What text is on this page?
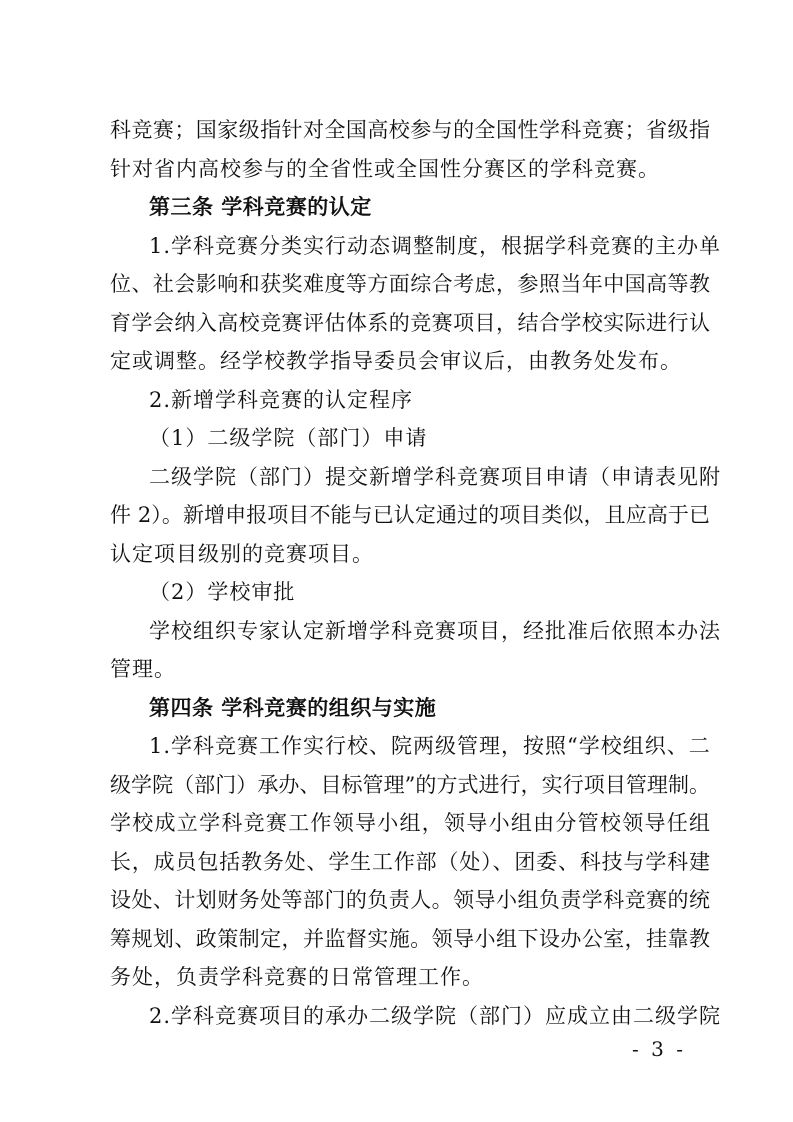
科竞赛；国家级指针对全国高校参与的全国性学科竞赛；省级指
针对省内高校参与的全省性或全国性分赛区的学科竞赛。
第三条 学科竞赛的认定
1.学科竞赛分类实行动态调整制度，根据学科竞赛的主办单
位、社会影响和获奖难度等方面综合考虑，参照当年中国高等教
育学会纳入高校竞赛评估体系的竞赛项目，结合学校实际进行认
定或调整。经学校教学指导委员会审议后，由教务处发布。
2.新增学科竞赛的认定程序
（1）二级学院（部门）申请
二级学院（部门）提交新增学科竞赛项目申请（申请表见附
件 2）。新增申报项目不能与已认定通过的项目类似，且应高于已
认定项目级别的竞赛项目。
（2）学校审批
学校组织专家认定新增学科竞赛项目，经批准后依照本办法
管理。
第四条 学科竞赛的组织与实施
1.学科竞赛工作实行校、院两级管理，按照“学校组织、二
级学院（部门）承办、目标管理”的方式进行，实行项目管理制。
学校成立学科竞赛工作领导小组，领导小组由分管校领导任组
长，成员包括教务处、学生工作部（处）、团委、科技与学科建
设处、计划财务处等部门的负责人。领导小组负责学科竞赛的统
筹规划、政策制定，并监督实施。领导小组下设办公室，挂靠教
务处，负责学科竞赛的日常管理工作。
2.学科竞赛项目的承办二级学院（部门）应成立由二级学院
- 3 -
